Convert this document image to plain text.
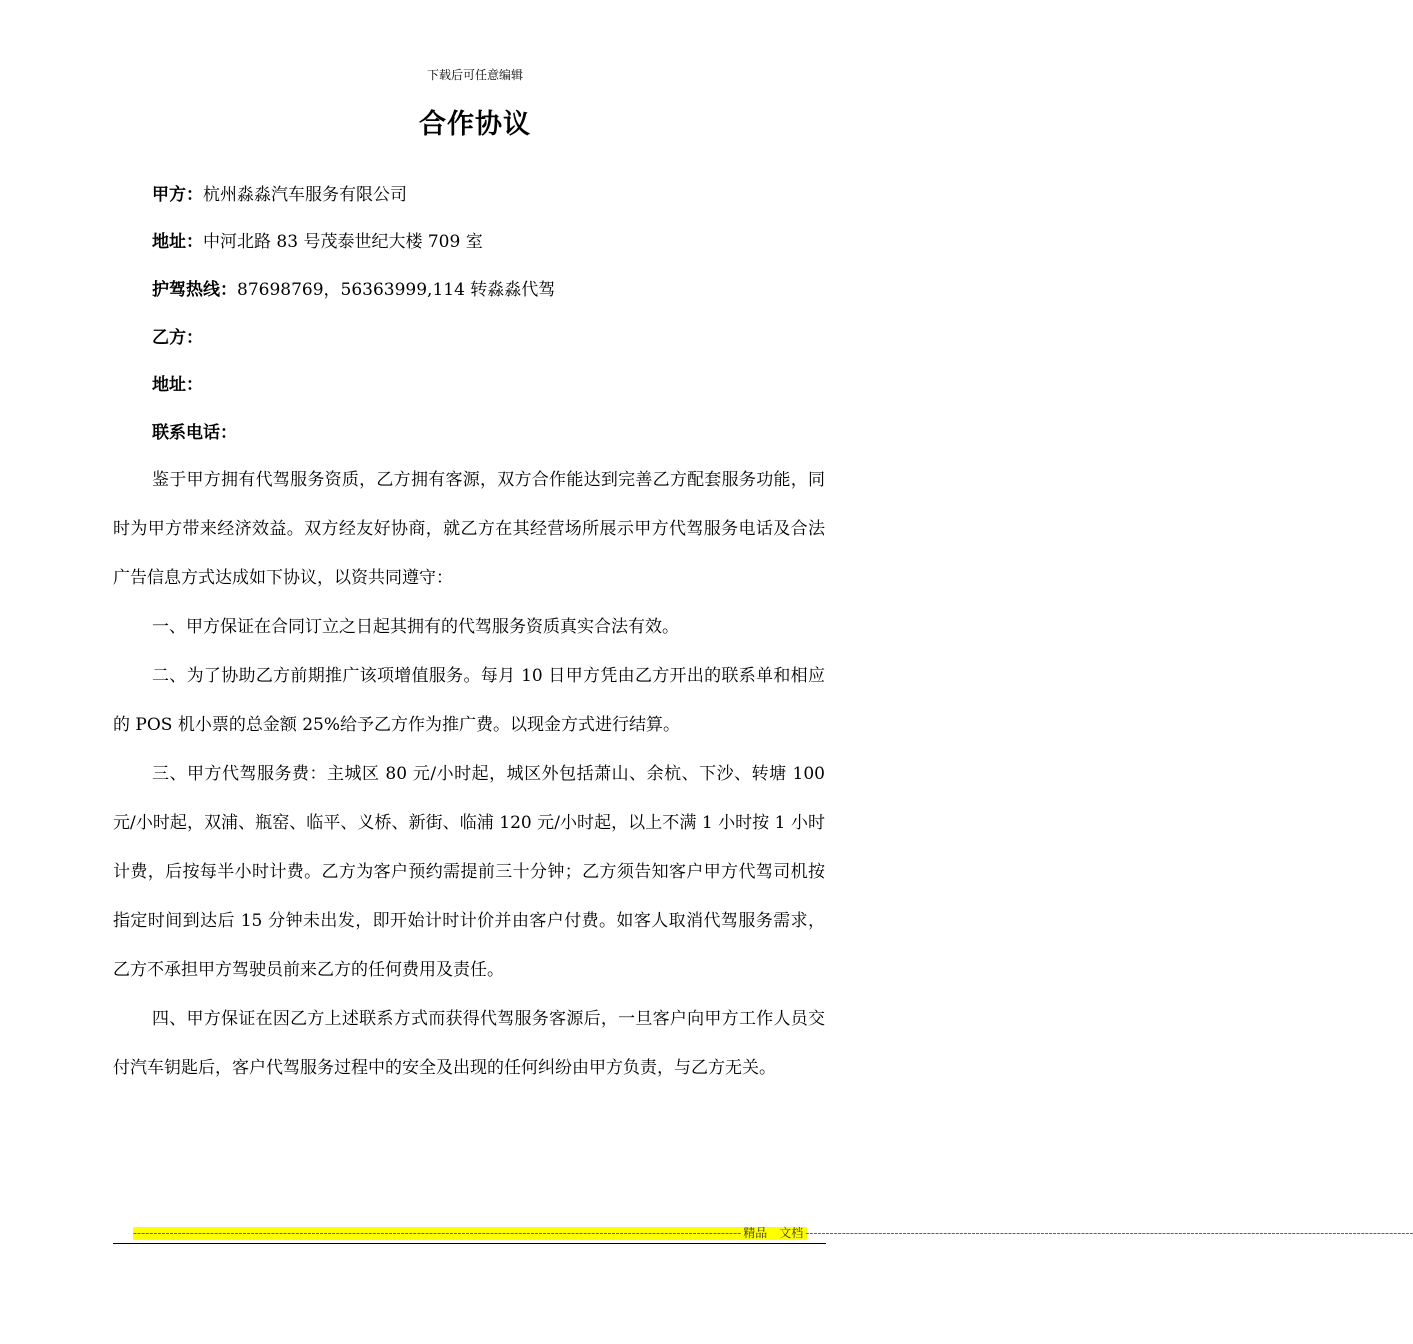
下载后可任意编辑
合作协议
甲方：杭州淼淼汽车服务有限公司
地址：中河北路 83 号茂泰世纪大楼 709 室
护驾热线：87698769，56363999,114 转淼淼代驾
乙方：
地址：
联系电话：

鉴于甲方拥有代驾服务资质，乙方拥有客源，双方合作能达到完善乙方配套服务功能，同时为甲方带来经济效益。双方经友好协商，就乙方在其经营场所展示甲方代驾服务电话及合法广告信息方式达成如下协议，以资共同遵守：

一、甲方保证在合同订立之日起其拥有的代驾服务资质真实合法有效。

二、为了协助乙方前期推广该项增值服务。每月 10 日甲方凭由乙方开出的联系单和相应的 POS 机小票的总金额 25%给予乙方作为推广费。以现金方式进行结算。

三、甲方代驾服务费：主城区 80 元/小时起，城区外包括萧山、余杭、下沙、转塘 100 元/小时起，双浦、瓶窑、临平、义桥、新街、临浦 120 元/小时起，以上不满 1 小时按 1 小时计费，后按每半小时计费。乙方为客户预约需提前三十分钟；乙方须告知客户甲方代驾司机按指定时间到达后 15 分钟未出发，即开始计时计价并由客户付费。如客人取消代驾服务需求，乙方不承担甲方驾驶员前来乙方的任何费用及责任。

四、甲方保证在因乙方上述联系方式而获得代驾服务客源后，一旦客户向甲方工作人员交付汽车钥匙后，客户代驾服务过程中的安全及出现的任何纠纷由甲方负责，与乙方无关。

------------------------------------------------------------------------------------------------------------------------------------------------------ 精品　文档 ------------------------------------------------------------------------------------------------------------------------------------------------------
